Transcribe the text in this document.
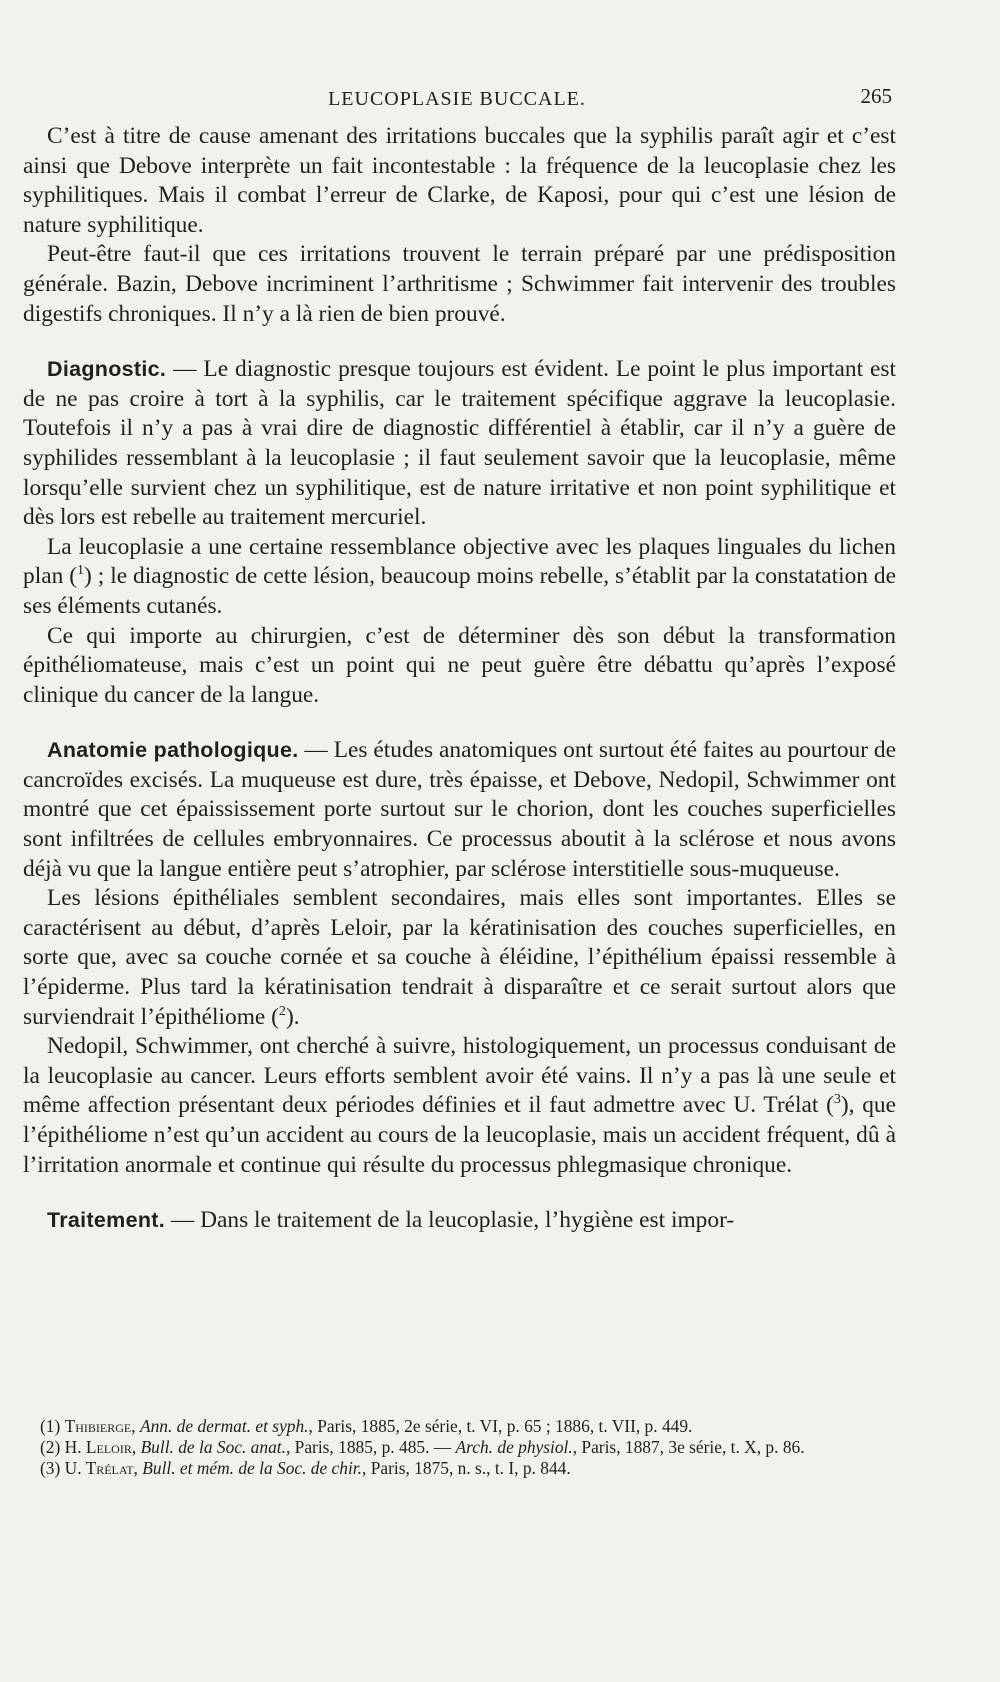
LEUCOPLASIE BUCCALE.	265

C’est à titre de cause amenant des irritations buccales que la syphilis paraît agir et c’est ainsi que Debove interprète un fait incontestable : la fréquence de la leucoplasie chez les syphilitiques. Mais il combat l’erreur de Clarke, de Kaposi, pour qui c’est une lésion de nature syphilitique.

Peut-être faut-il que ces irritations trouvent le terrain préparé par une prédisposition générale. Bazin, Debove incriminent l’arthritisme ; Schwimmer fait intervenir des troubles digestifs chroniques. Il n’y a là rien de bien prouvé.

Diagnostic. — Le diagnostic presque toujours est évident. Le point le plus important est de ne pas croire à tort à la syphilis, car le traitement spécifique aggrave la leucoplasie. Toutefois il n’y a pas à vrai dire de diagnostic différentiel à établir, car il n’y a guère de syphilides ressemblant à la leucoplasie ; il faut seulement savoir que la leucoplasie, même lorsqu’elle survient chez un syphilitique, est de nature irritative et non point syphilitique et dès lors est rebelle au traitement mercuriel.

La leucoplasie a une certaine ressemblance objective avec les plaques linguales du lichen plan ($^1$) ; le diagnostic de cette lésion, beaucoup moins rebelle, s’établit par la constatation de ses éléments cutanés.

Ce qui importe au chirurgien, c’est de déterminer dès son début la transformation épithéliomateuse, mais c’est un point qui ne peut guère être débattu qu’après l’exposé clinique du cancer de la langue.

Anatomie pathologique. — Les études anatomiques ont surtout été faites au pourtour de cancroïdes excisés. La muqueuse est dure, très épaisse, et Debove, Nedopil, Schwimmer ont montré que cet épaississement porte surtout sur le chorion, dont les couches superficielles sont infiltrées de cellules embryonnaires. Ce processus aboutit à la sclérose et nous avons déjà vu que la langue entière peut s’atrophier, par sclérose interstitielle sous-muqueuse.

Les lésions épithéliales semblent secondaires, mais elles sont importantes. Elles se caractérisent au début, d’après Leloir, par la kératinisation des couches superficielles, en sorte que, avec sa couche cornée et sa couche à éléidine, l’épithélium épaissi ressemble à l’épiderme. Plus tard la kératinisation tendrait à disparaître et ce serait surtout alors que surviendrait l’épithéliome ($^2$).

Nedopil, Schwimmer, ont cherché à suivre, histologiquement, un processus conduisant de la leucoplasie au cancer. Leurs efforts semblent avoir été vains. Il n’y a pas là une seule et même affection présentant deux périodes définies et il faut admettre avec U. Trélat ($^3$), que l’épithéliome n’est qu’un accident au cours de la leucoplasie, mais un accident fréquent, dû à l’irritation anormale et continue qui résulte du processus phlegmasique chronique.

Traitement. — Dans le traitement de la leucoplasie, l’hygiène est impor-

(1) Thibierge, Ann. de dermat. et syph., Paris, 1885, 2e série, t. VI, p. 65 ; 1886, t. VII, p. 449.

(2) H. Leloir, Bull. de la Soc. anat., Paris, 1885, p. 485. — Arch. de physiol., Paris, 1887, 3e série, t. X, p. 86.

(3) U. Trélat, Bull. et mém. de la Soc. de chir., Paris, 1875, n. s., t. I, p. 844.
